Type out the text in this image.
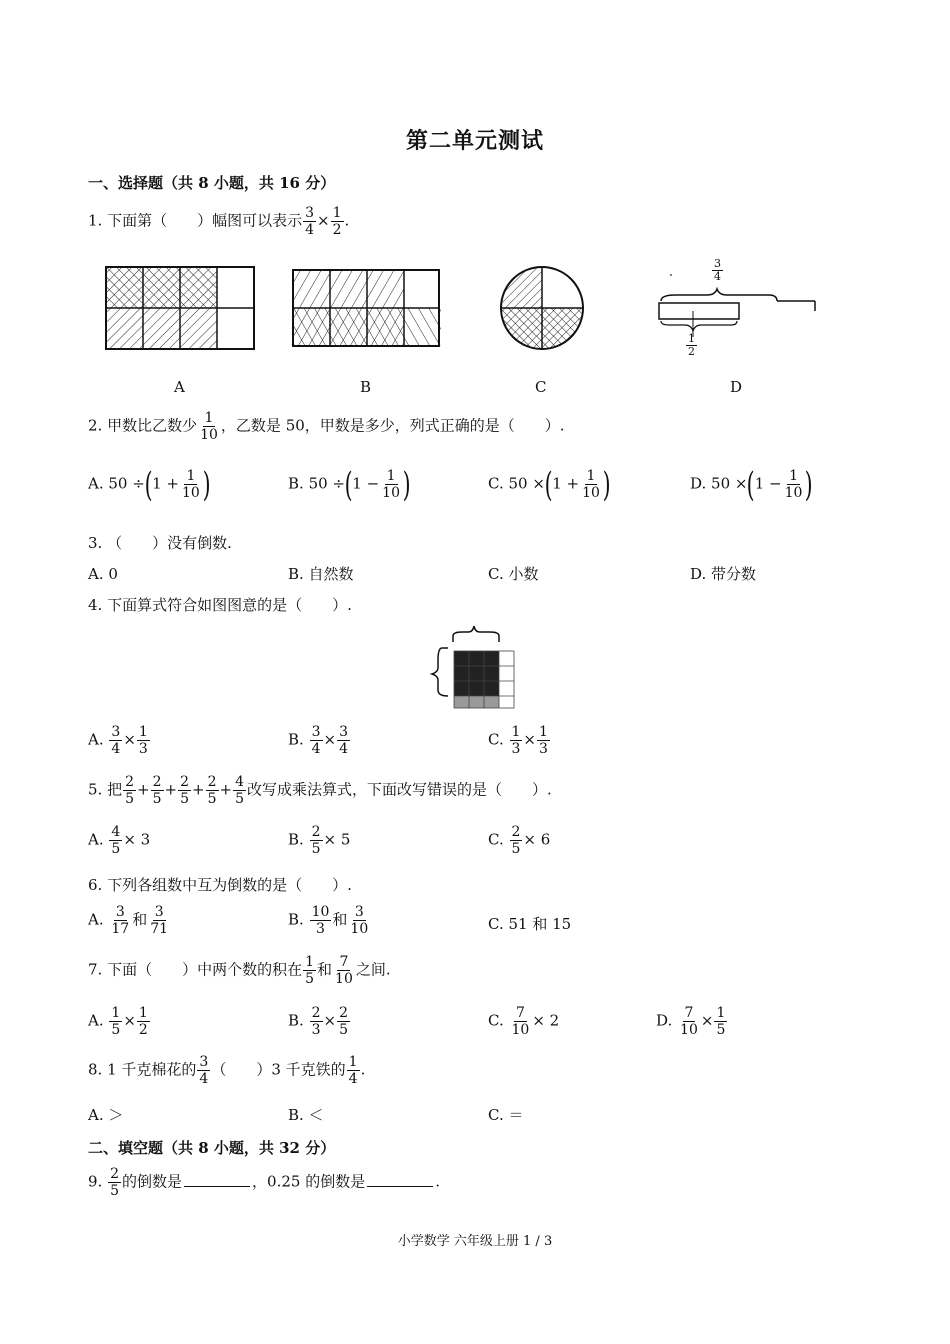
第二单元测试
一、选择题（共 8 小题，共 16 分）
1. 下面第（　　）幅图可以表示 $\frac{3}{4} \times \frac{1}{2}$ .
$\frac{3}{4}$
$\frac{1}{2}$
A	B	C	D
2. 甲数比乙数少 $\frac{1}{10}$ ，乙数是 50，甲数是多少，列式正确的是（　　）.
A. $50 \div(1 + \frac{1}{10}$ )	B. $50 \div(1 - \frac{1}{10}$ )	C. $50 \times(1 + \frac{1}{10}$ )	D. $50 \times(1 - \frac{1}{10}$ )
3. （　　）没有倒数.
A. 0	B. 自然数	C. 小数	D. 带分数
4. 下面算式符合如图图意的是（　　）.
A. $\frac{3}{4} \times \frac{1}{3}$	B. $\frac{3}{4} \times \frac{3}{4}$	C. $\frac{1}{3} \times \frac{1}{3}$
5. 把 $\frac{2}{5} + \frac{2}{5} + \frac{2}{5} + \frac{2}{5} + \frac{4}{5}$ 改写成乘法算式，下面改写错误的是（　　）.
A. $\frac{4}{5} \times 3$	B. $\frac{2}{5} \times 5$	C. $\frac{2}{5} \times 6$
6. 下列各组数中互为倒数的是（　　）.
A. $\frac{3}{17}$ 和 $\frac{3}{71}$	B. $\frac{10}{3}$ 和 $\frac{3}{10}$	C. 51 和 15
7. 下面（　　）中两个数的积在 $\frac{1}{5}$ 和 $\frac{7}{10}$ 之间.
A. $\frac{1}{5} \times \frac{1}{2}$	B. $\frac{2}{3} \times \frac{2}{5}$	C. $\frac{7}{10} \times 2$	D. $\frac{7}{10} \times \frac{1}{5}$
8. 1 千克棉花的 $\frac{3}{4}$ （　　）3 千克铁的 $\frac{1}{4}$ .
A. ＞	B. ＜	C. ＝
二、填空题（共 8 小题，共 32 分）
9. $\frac{2}{5}$ 的倒数是	，0.25 的倒数是	.
小学数学 六年级上册 1 / 3
